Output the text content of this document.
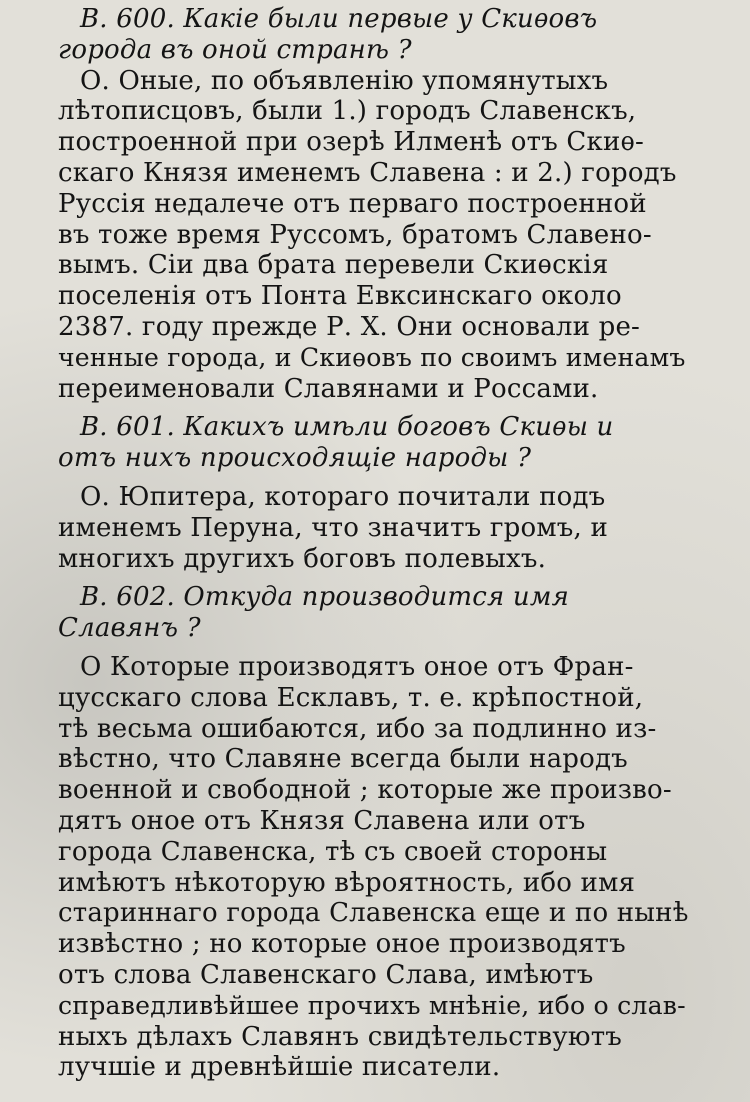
В. 600. Какіе были первые у Скиѳовъ
города въ оной странѣ ?
О. Оные, по объявленію упомянутыхъ
лѣтописцовъ, были 1.) городъ Славенскъ,
построенной при озерѣ Илменѣ отъ Скиѳ-
скаго Князя именемъ Славена : и 2.) городъ
Руссія недалече отъ перваго построенной
въ тоже время Руссомъ, братомъ Славено-
вымъ. Сіи два брата перевели Скиѳскія
поселенія отъ Понта Евксинскаго около
2387. году прежде Р. Х. Они основали ре-
ченные города, и Скиѳовъ по своимъ именамъ
переименовали Славянами и Россами.
В. 601. Какихъ имѣли боговъ Скиѳы и
отъ нихъ происходящіе народы ?
О. Юпитера, котораго почитали подъ
именемъ Перуна, что значитъ громъ, и
многихъ другихъ боговъ полевыхъ.
В. 602. Откуда производится имя
Славянъ ?
О Которые производятъ оное отъ Фран-
цусскаго слова Есклавъ, т. е. крѣпостной,
тѣ весьма ошибаются, ибо за подлинно из-
вѣстно, что Славяне всегда были народъ
военной и свободной ; которые же произво-
дятъ оное отъ Князя Славена или отъ
города Славенска, тѣ съ своей стороны
имѣютъ нѣкоторую вѣроятность, ибо имя
стариннаго города Славенска еще и по нынѣ
извѣстно ; но которые оное производятъ
отъ слова Славенскаго Слава, имѣютъ
справедливѣйшее прочихъ мнѣніе, ибо о слав-
ныхъ дѣлахъ Славянъ свидѣтельствуютъ
лучшіе и древнѣйшіе писатели.
